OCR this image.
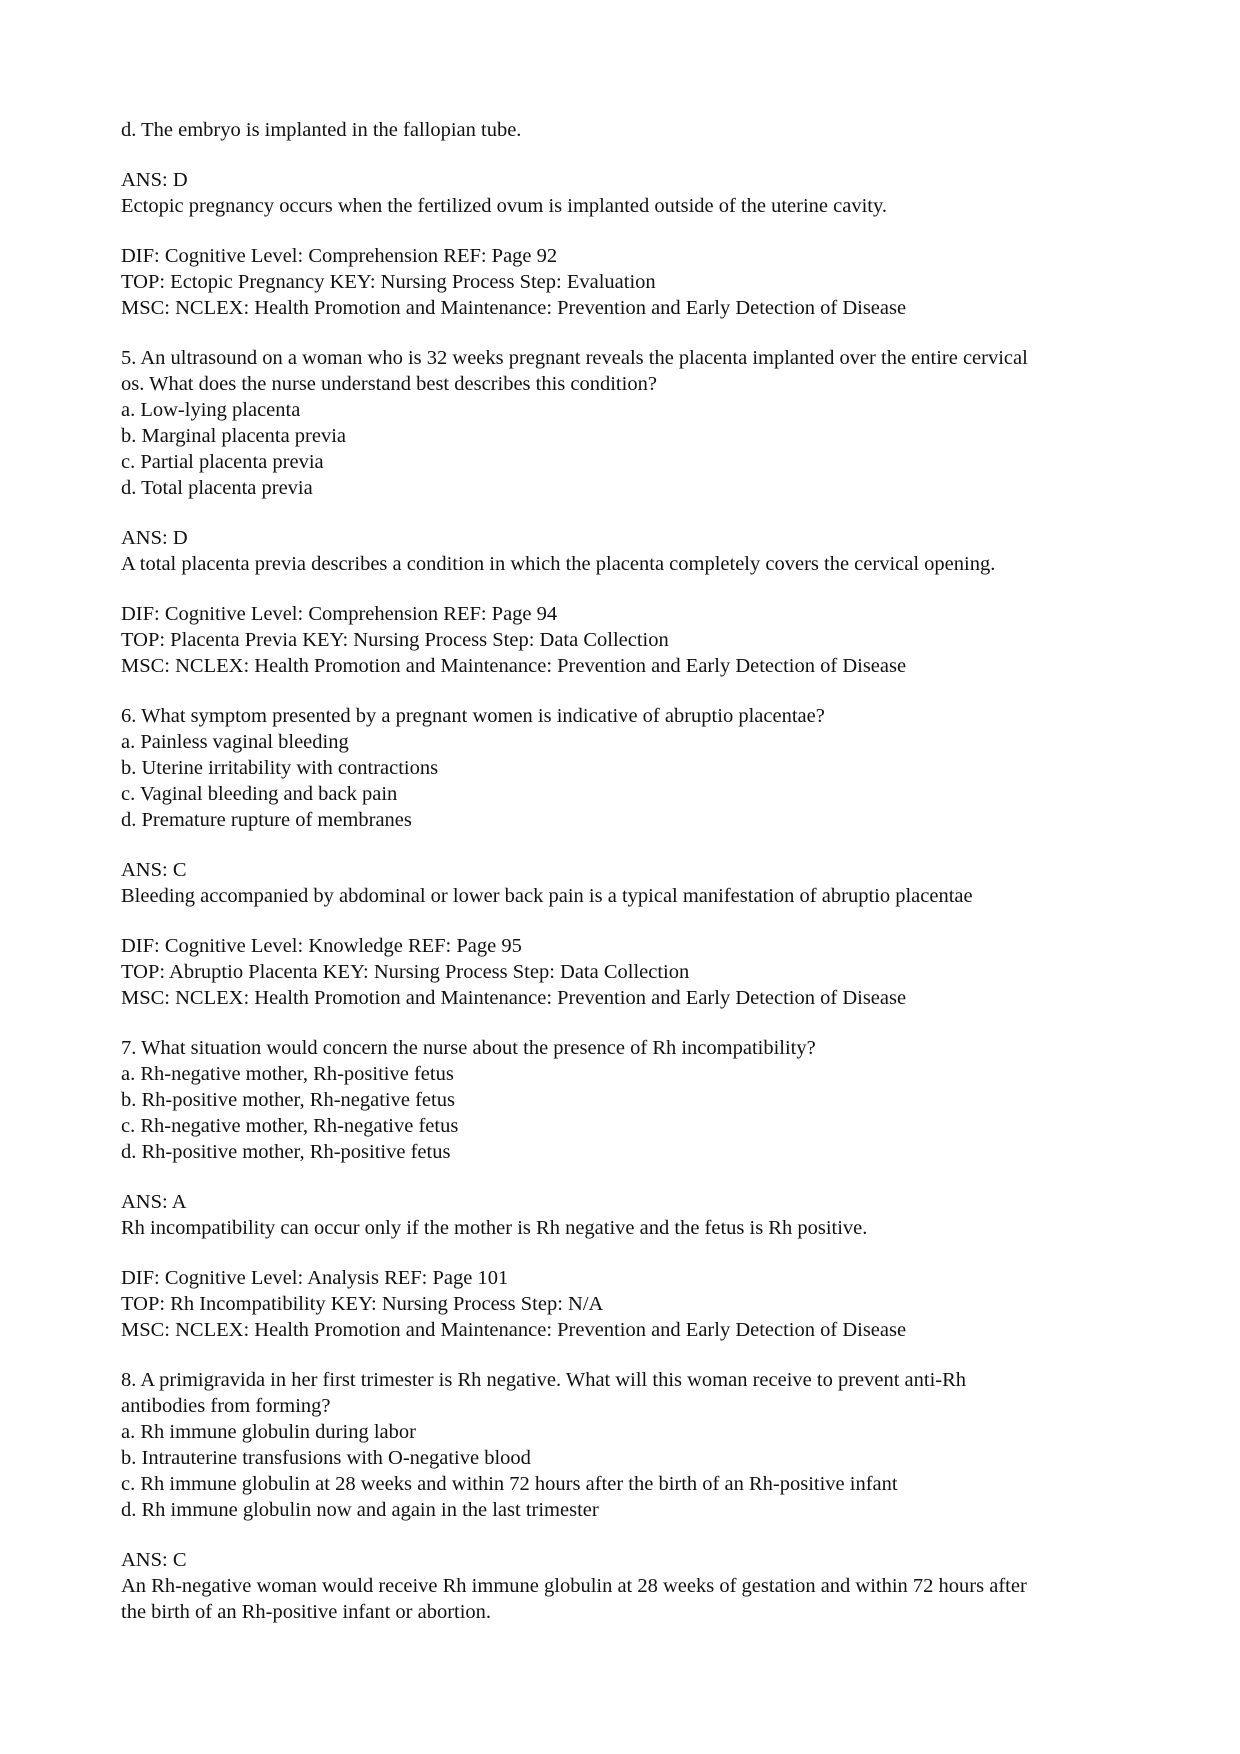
d. The embryo is implanted in the fallopian tube.
ANS: D
Ectopic pregnancy occurs when the fertilized ovum is implanted outside of the uterine cavity.
DIF: Cognitive Level: Comprehension REF: Page 92
TOP: Ectopic Pregnancy KEY: Nursing Process Step: Evaluation
MSC: NCLEX: Health Promotion and Maintenance: Prevention and Early Detection of Disease
5. An ultrasound on a woman who is 32 weeks pregnant reveals the placenta implanted over the entire cervical
os. What does the nurse understand best describes this condition?
a. Low-lying placenta
b. Marginal placenta previa
c. Partial placenta previa
d. Total placenta previa
ANS: D
A total placenta previa describes a condition in which the placenta completely covers the cervical opening.
DIF: Cognitive Level: Comprehension REF: Page 94
TOP: Placenta Previa KEY: Nursing Process Step: Data Collection
MSC: NCLEX: Health Promotion and Maintenance: Prevention and Early Detection of Disease
6. What symptom presented by a pregnant women is indicative of abruptio placentae?
a. Painless vaginal bleeding
b. Uterine irritability with contractions
c. Vaginal bleeding and back pain
d. Premature rupture of membranes
ANS: C
Bleeding accompanied by abdominal or lower back pain is a typical manifestation of abruptio placentae
DIF: Cognitive Level: Knowledge REF: Page 95
TOP: Abruptio Placenta KEY: Nursing Process Step: Data Collection
MSC: NCLEX: Health Promotion and Maintenance: Prevention and Early Detection of Disease
7. What situation would concern the nurse about the presence of Rh incompatibility?
a. Rh-negative mother, Rh-positive fetus
b. Rh-positive mother, Rh-negative fetus
c. Rh-negative mother, Rh-negative fetus
d. Rh-positive mother, Rh-positive fetus
ANS: A
Rh incompatibility can occur only if the mother is Rh negative and the fetus is Rh positive.
DIF: Cognitive Level: Analysis REF: Page 101
TOP: Rh Incompatibility KEY: Nursing Process Step: N/A
MSC: NCLEX: Health Promotion and Maintenance: Prevention and Early Detection of Disease
8. A primigravida in her first trimester is Rh negative. What will this woman receive to prevent anti-Rh
antibodies from forming?
a. Rh immune globulin during labor
b. Intrauterine transfusions with O-negative blood
c. Rh immune globulin at 28 weeks and within 72 hours after the birth of an Rh-positive infant
d. Rh immune globulin now and again in the last trimester
ANS: C
An Rh-negative woman would receive Rh immune globulin at 28 weeks of gestation and within 72 hours after
the birth of an Rh-positive infant or abortion.
